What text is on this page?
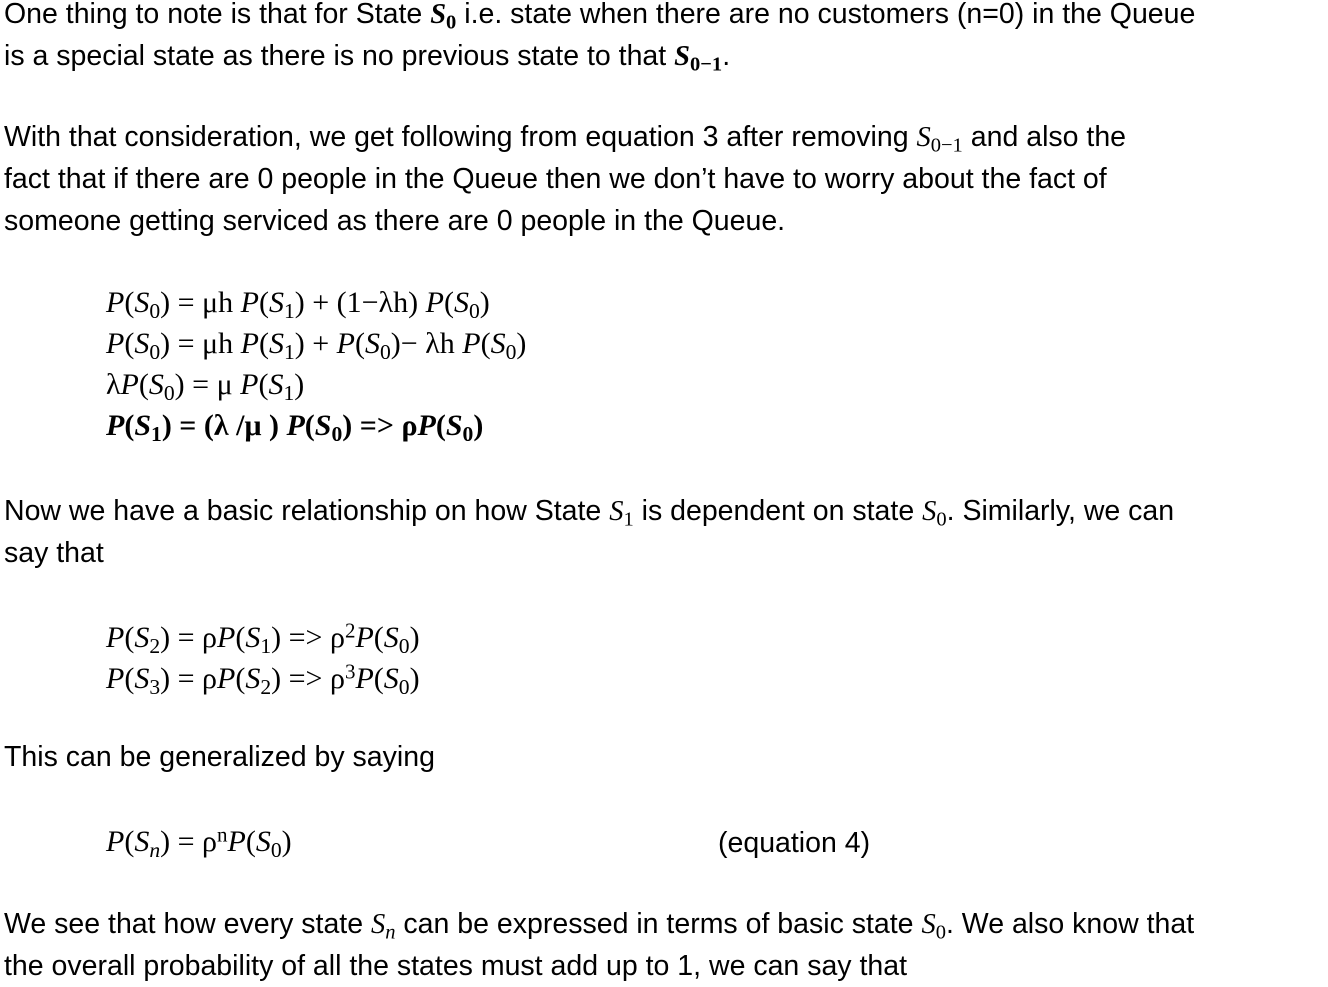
One thing to note is that for State $S_0$ i.e. state when there are no customers (n=0) in the Queue
is a special state as there is no previous state to that $S_{0-1}$.
With that consideration, we get following from equation 3 after removing $S_{0-1}$ and also the
fact that if there are 0 people in the Queue then we don’t have to worry about the fact of
someone getting serviced as there are 0 people in the Queue.
$P(S_0) = \mu h$ $P(S_1) + (1-\lambda h)$ $P(S_0)$
$P(S_0) = \mu h$ $P(S_1) + P(S_0)- \lambda h$ $P(S_0)$
$\lambda P(S_0) = \mu$ $P(S_1)$
$P(S_1) = (\lambda$ /μ ) $P(S_0) => \rho P(S_0)$
Now we have a basic relationship on how State $S_1$ is dependent on state $S_0$. Similarly, we can
say that
$P(S_2) = \rho P(S_1) => \rho^2P(S_0)$
$P(S_3) = \rho P(S_2) => \rho^3P(S_0)$
This can be generalized by saying
$P(S_n) = \rho^nP(S_0)$	(equation 4)
We see that how every state $S_n$ can be expressed in terms of basic state $S_0$. We also know that
the overall probability of all the states must add up to 1, we can say that
